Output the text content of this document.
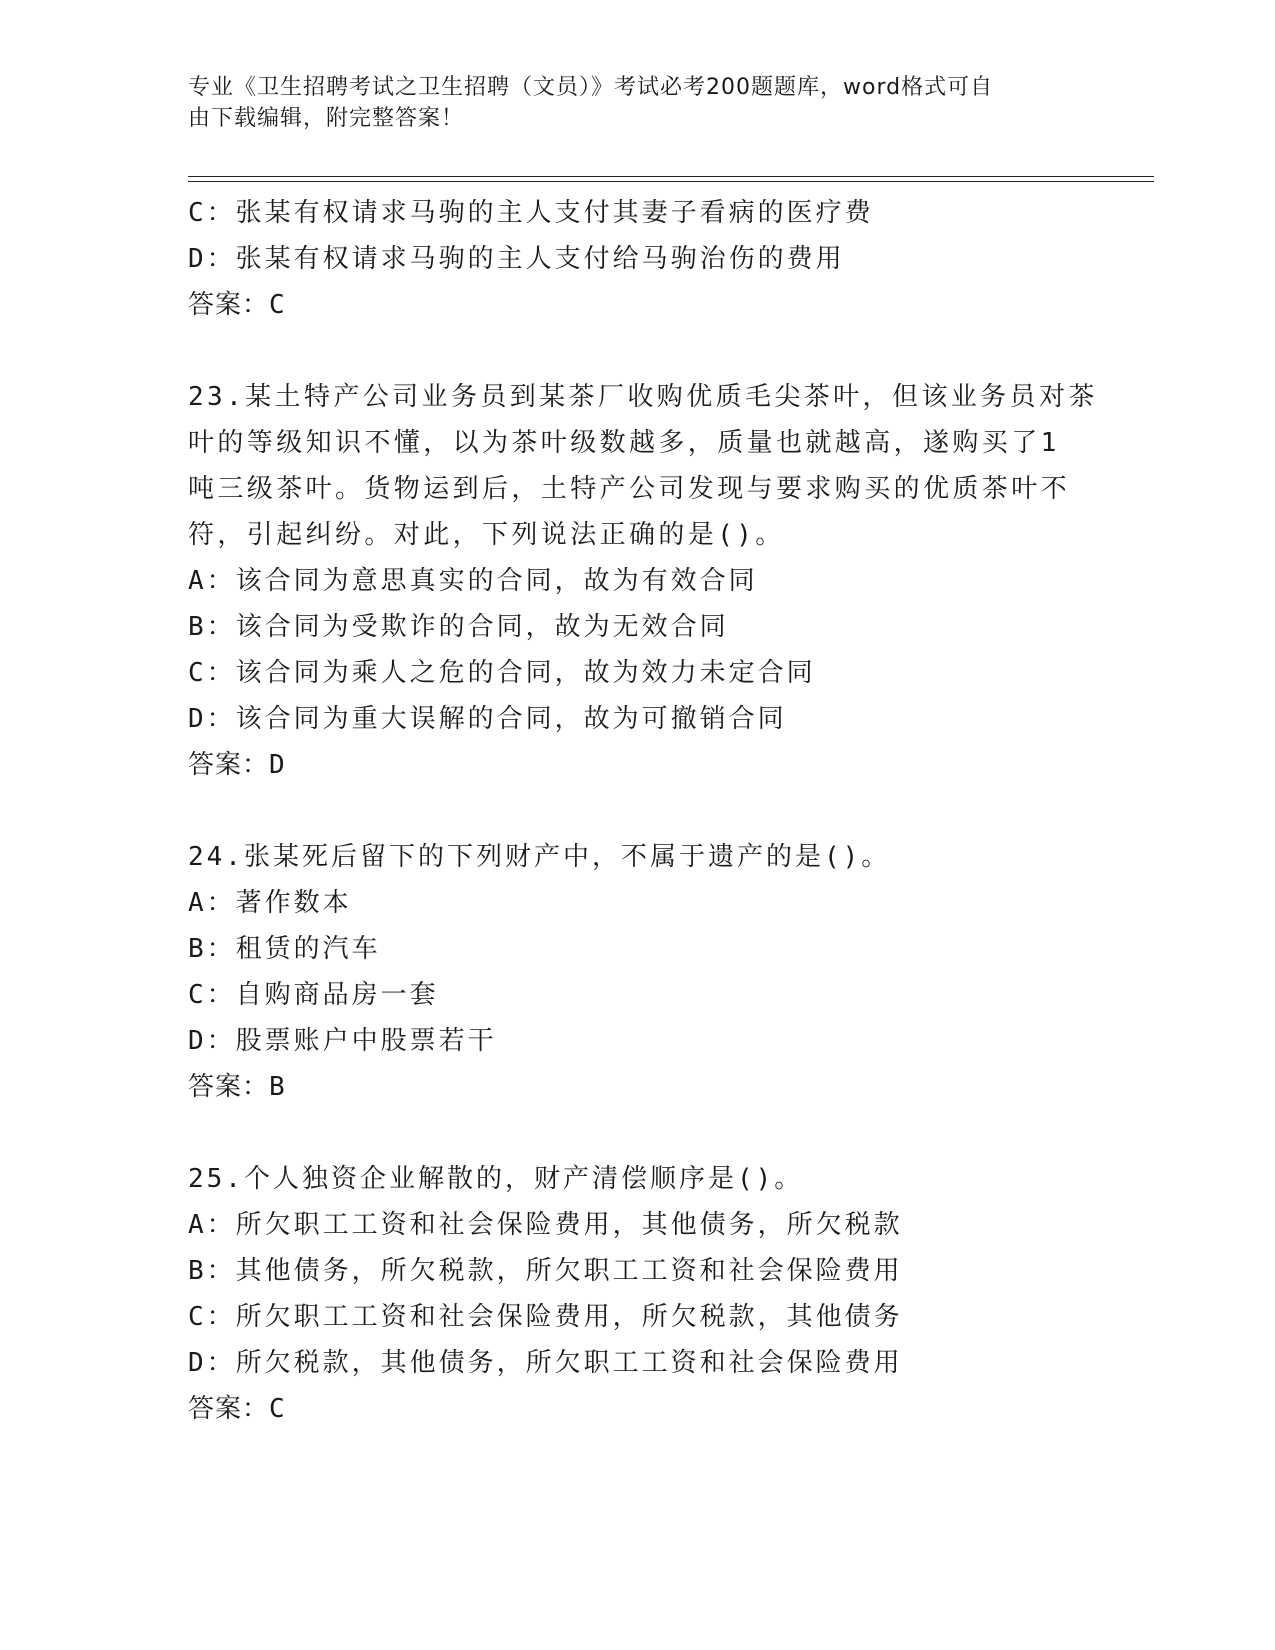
专业《卫生招聘考试之卫生招聘（文员）》考试必考200题题库，word格式可自
由下载编辑，附完整答案！
C：张某有权请求马驹的主人支付其妻子看病的医疗费
D：张某有权请求马驹的主人支付给马驹治伤的费用
答案：C
23.某土特产公司业务员到某茶厂收购优质毛尖茶叶，但该业务员对茶
叶的等级知识不懂，以为茶叶级数越多，质量也就越高，遂购买了1
吨三级茶叶。货物运到后，土特产公司发现与要求购买的优质茶叶不
符，引起纠纷。对此，下列说法正确的是()。
A：该合同为意思真实的合同，故为有效合同
B：该合同为受欺诈的合同，故为无效合同
C：该合同为乘人之危的合同，故为效力未定合同
D：该合同为重大误解的合同，故为可撤销合同
答案：D
24.张某死后留下的下列财产中，不属于遗产的是()。
A：著作数本
B：租赁的汽车
C：自购商品房一套
D：股票账户中股票若干
答案：B
25.个人独资企业解散的，财产清偿顺序是()。
A：所欠职工工资和社会保险费用，其他债务，所欠税款
B：其他债务，所欠税款，所欠职工工资和社会保险费用
C：所欠职工工资和社会保险费用，所欠税款，其他债务
D：所欠税款，其他债务，所欠职工工资和社会保险费用
答案：C
